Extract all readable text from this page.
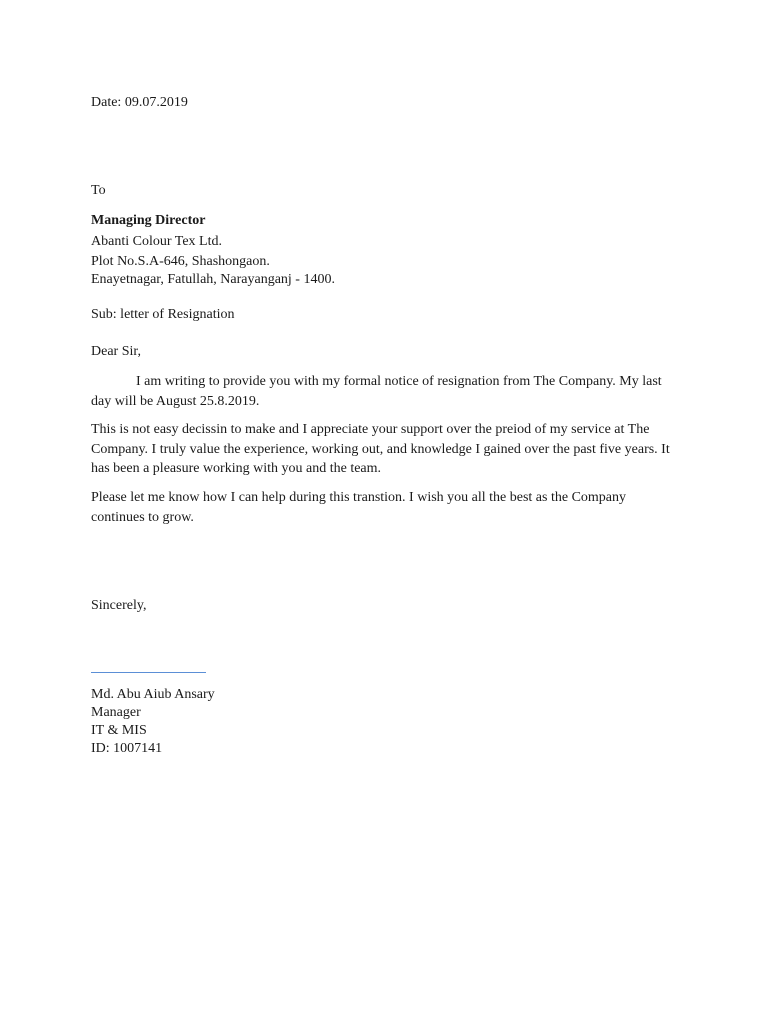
Date: 09.07.2019
To
Managing Director
Abanti Colour Tex Ltd.
Plot No.S.A-646, Shashongaon.
Enayetnagar, Fatullah, Narayanganj - 1400.
Sub: letter of Resignation
Dear Sir,
I am writing to provide you with my formal notice of resignation from The Company. My last day will be August 25.8.2019.
This is not easy decissin to make and I appreciate your support over the preiod of my service at The Company. I truly value the experience, working out, and knowledge I gained over the past five years. It has been a pleasure working with you and the team.
Please let me know how I can help during this transtion. I wish you all the best as the Company continues to grow.
Sincerely,
Md. Abu Aiub Ansary
Manager
IT & MIS
ID: 1007141
